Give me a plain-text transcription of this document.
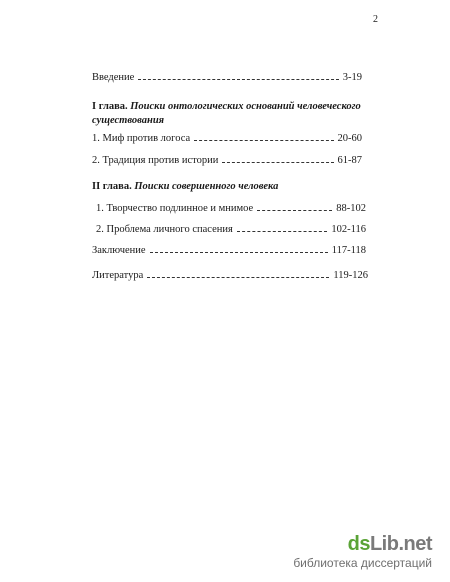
2
Введение	3-19
I глава. Поиски онтологических оснований человеческого существования
1. Миф против логоса	20-60
2. Традиция против истории	61-87
II глава. Поиски совершенного человека
1. Творчество подлинное и мнимое	88-102
2. Проблема личного спасения	102-116
Заключение	117-118
Литература	119-126
dsLib.net
библиотека диссертаций
